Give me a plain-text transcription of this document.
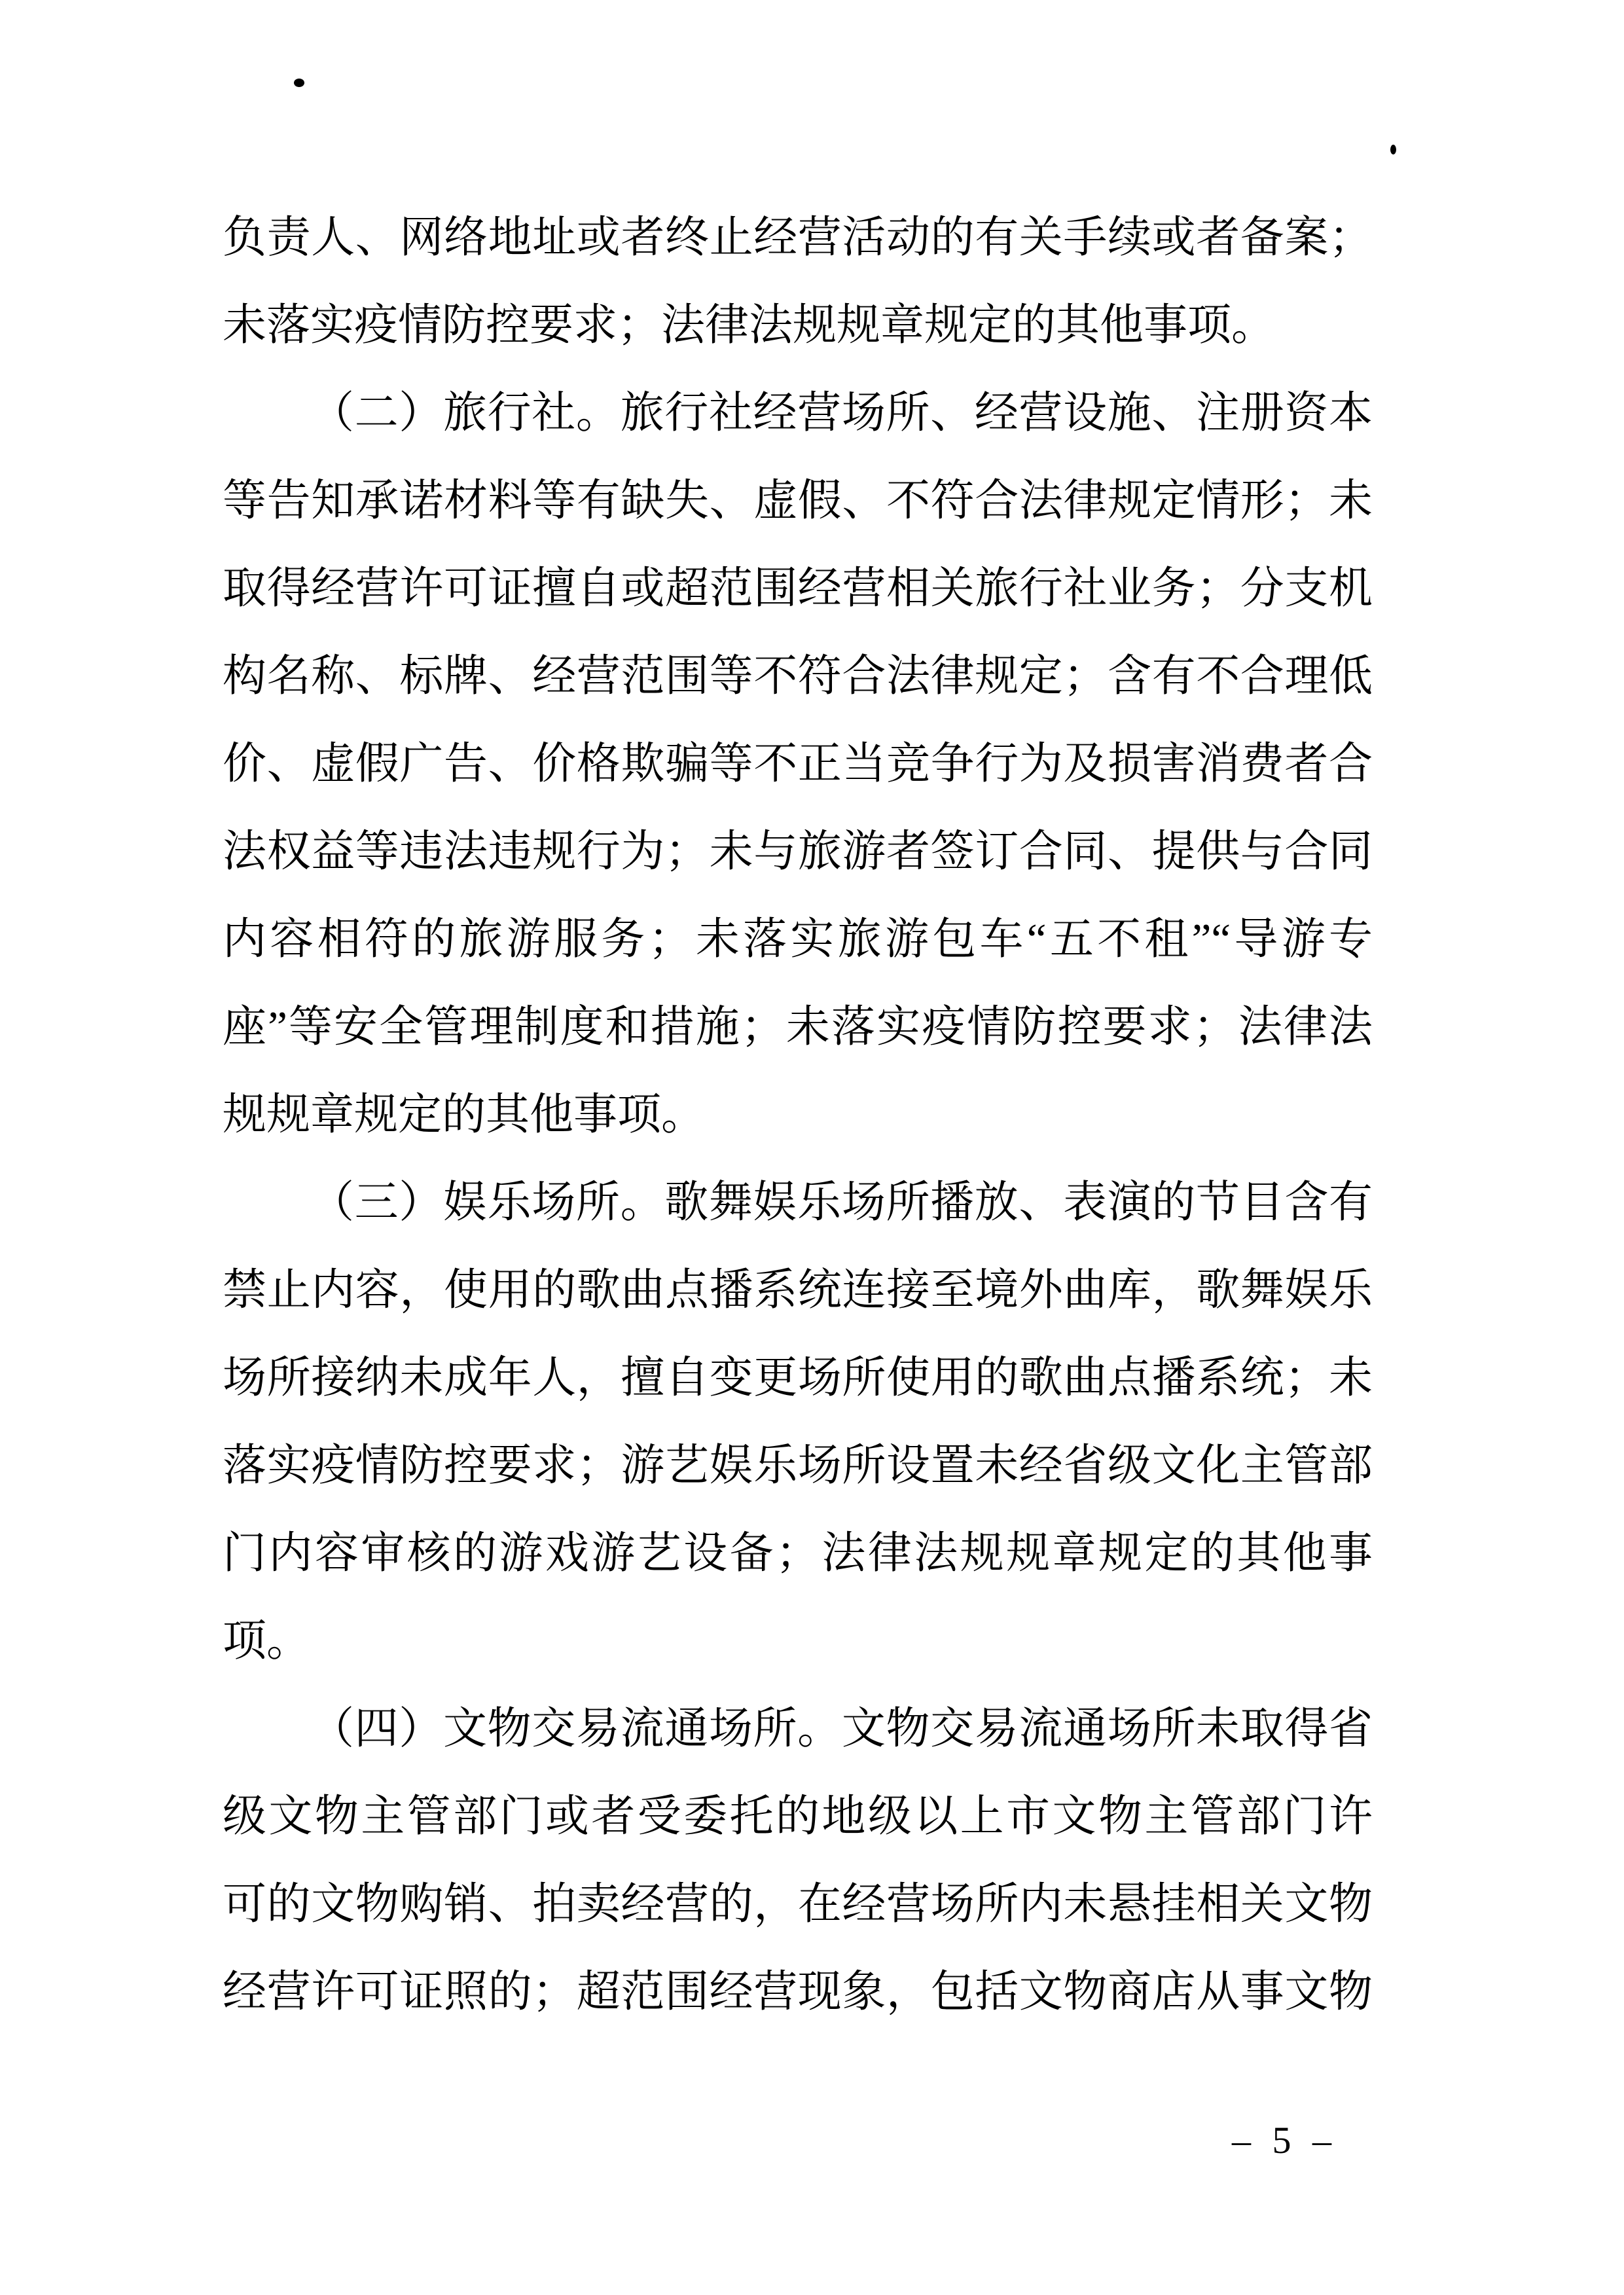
负责人、网络地址或者终止经营活动的有关手续或者备案；
未落实疫情防控要求；法律法规规章规定的其他事项。
（二）旅行社。旅行社经营场所、经营设施、注册资本
等告知承诺材料等有缺失、虚假、不符合法律规定情形；未
取得经营许可证擅自或超范围经营相关旅行社业务；分支机
构名称、标牌、经营范围等不符合法律规定；含有不合理低
价、虚假广告、价格欺骗等不正当竞争行为及损害消费者合
法权益等违法违规行为；未与旅游者签订合同、提供与合同
内容相符的旅游服务；未落实旅游包车“五不租”“导游专
座”等安全管理制度和措施；未落实疫情防控要求；法律法
规规章规定的其他事项。
（三）娱乐场所。歌舞娱乐场所播放、表演的节目含有
禁止内容，使用的歌曲点播系统连接至境外曲库，歌舞娱乐
场所接纳未成年人，擅自变更场所使用的歌曲点播系统；未
落实疫情防控要求；游艺娱乐场所设置未经省级文化主管部
门内容审核的游戏游艺设备；法律法规规章规定的其他事
项。
（四）文物交易流通场所。文物交易流通场所未取得省
级文物主管部门或者受委托的地级以上市文物主管部门许
可的文物购销、拍卖经营的，在经营场所内未悬挂相关文物
经营许可证照的；超范围经营现象，包括文物商店从事文物
– 5 –
